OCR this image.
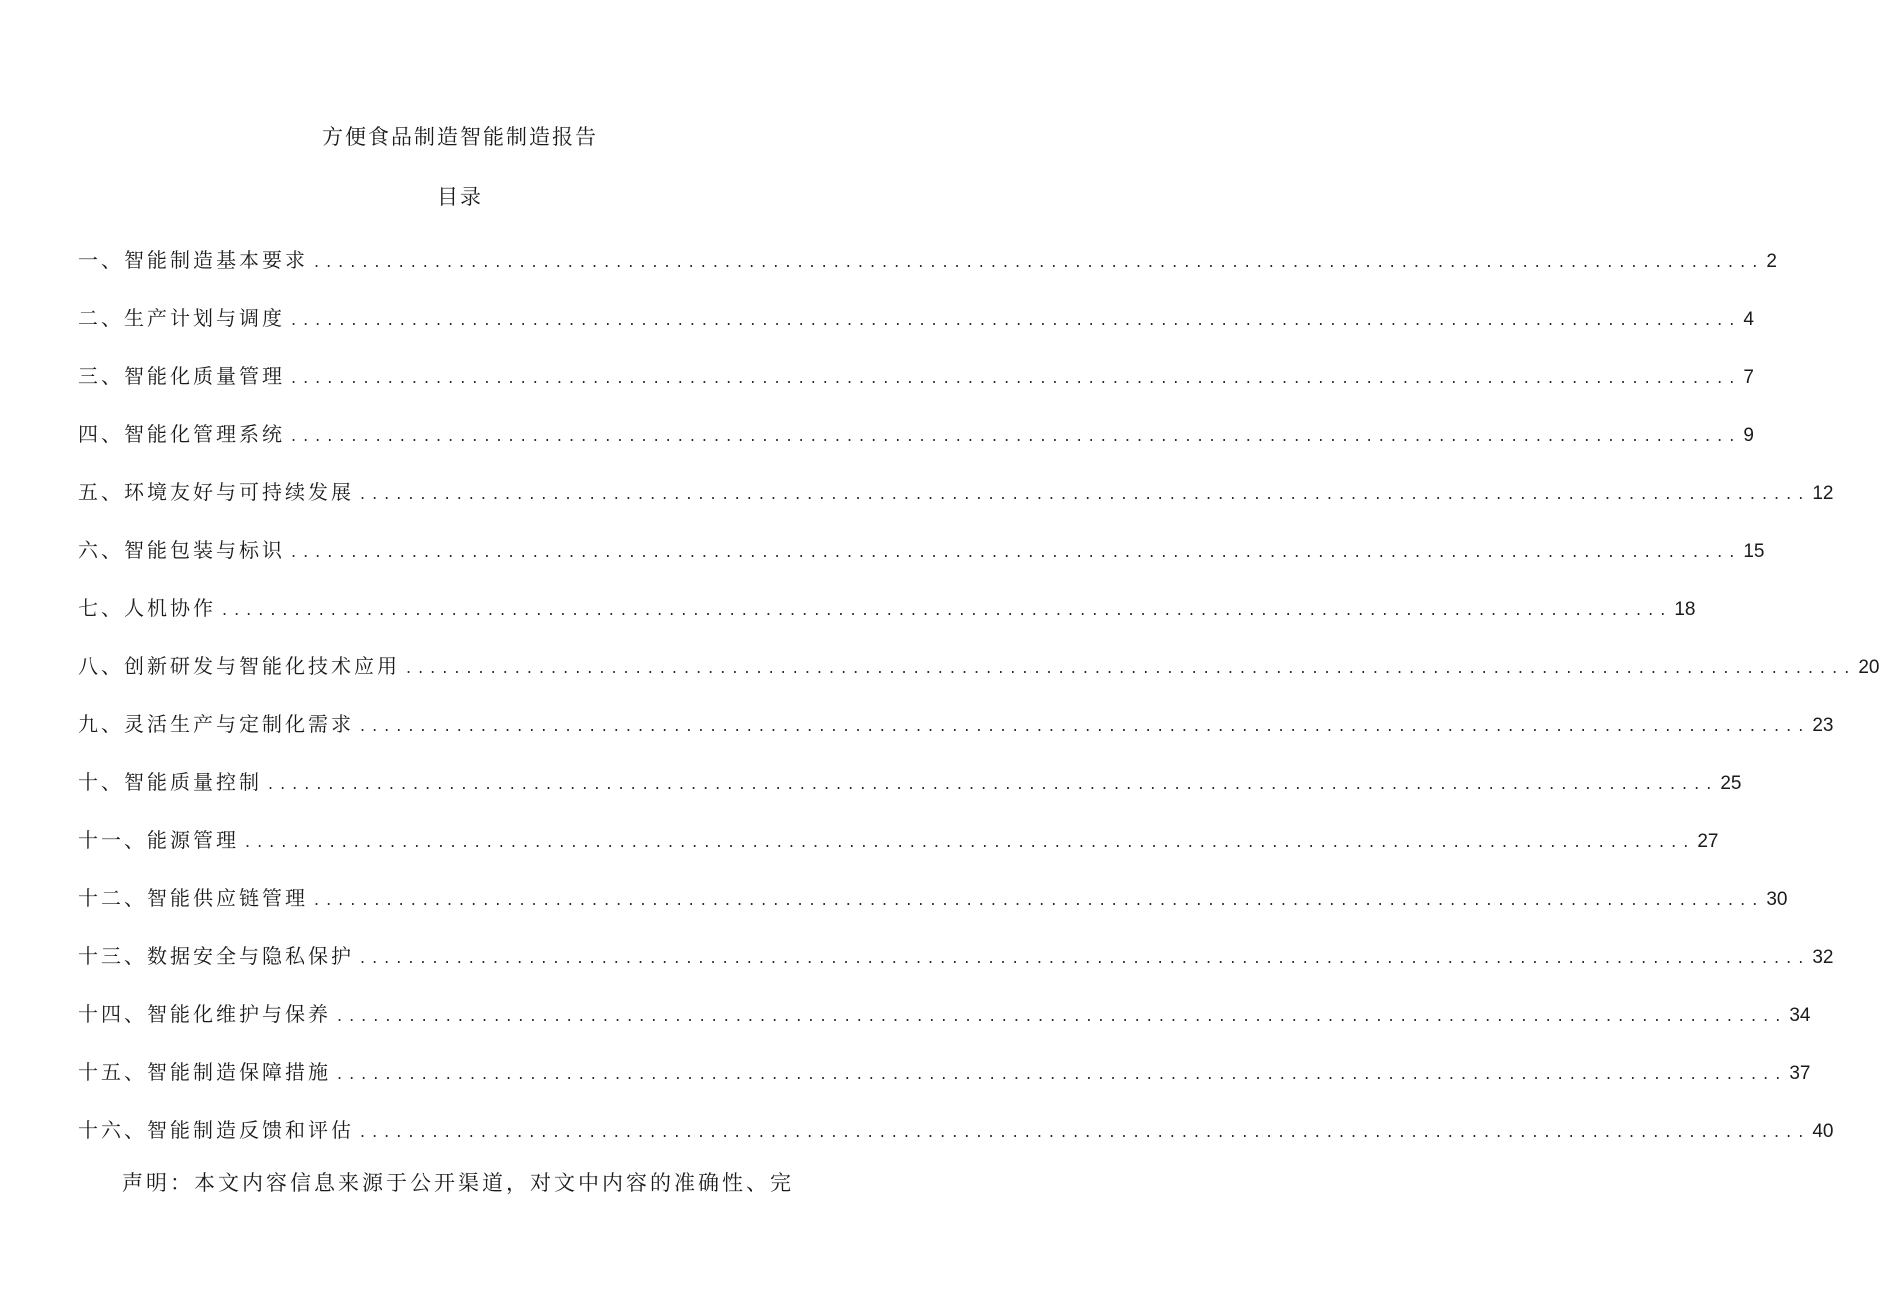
方便食品制造智能制造报告
目录
一、智能制造基本要求 ........................................................................................................................ 2
二、生产计划与调度 ........................................................................................................................ 4
三、智能化质量管理 ........................................................................................................................ 7
四、智能化管理系统 ........................................................................................................................ 9
五、环境友好与可持续发展 ........................................................................................................................ 12
六、智能包装与标识 ........................................................................................................................ 15
七、人机协作 ........................................................................................................................ 18
八、创新研发与智能化技术应用 ........................................................................................................................ 20
九、灵活生产与定制化需求 ........................................................................................................................ 23
十、智能质量控制 ........................................................................................................................ 25
十一、能源管理 ........................................................................................................................ 27
十二、智能供应链管理 ........................................................................................................................ 30
十三、数据安全与隐私保护 ........................................................................................................................ 32
十四、智能化维护与保养 ........................................................................................................................ 34
十五、智能制造保障措施 ........................................................................................................................ 37
十六、智能制造反馈和评估 ........................................................................................................................ 40
声明：本文内容信息来源于公开渠道，对文中内容的准确性、完
